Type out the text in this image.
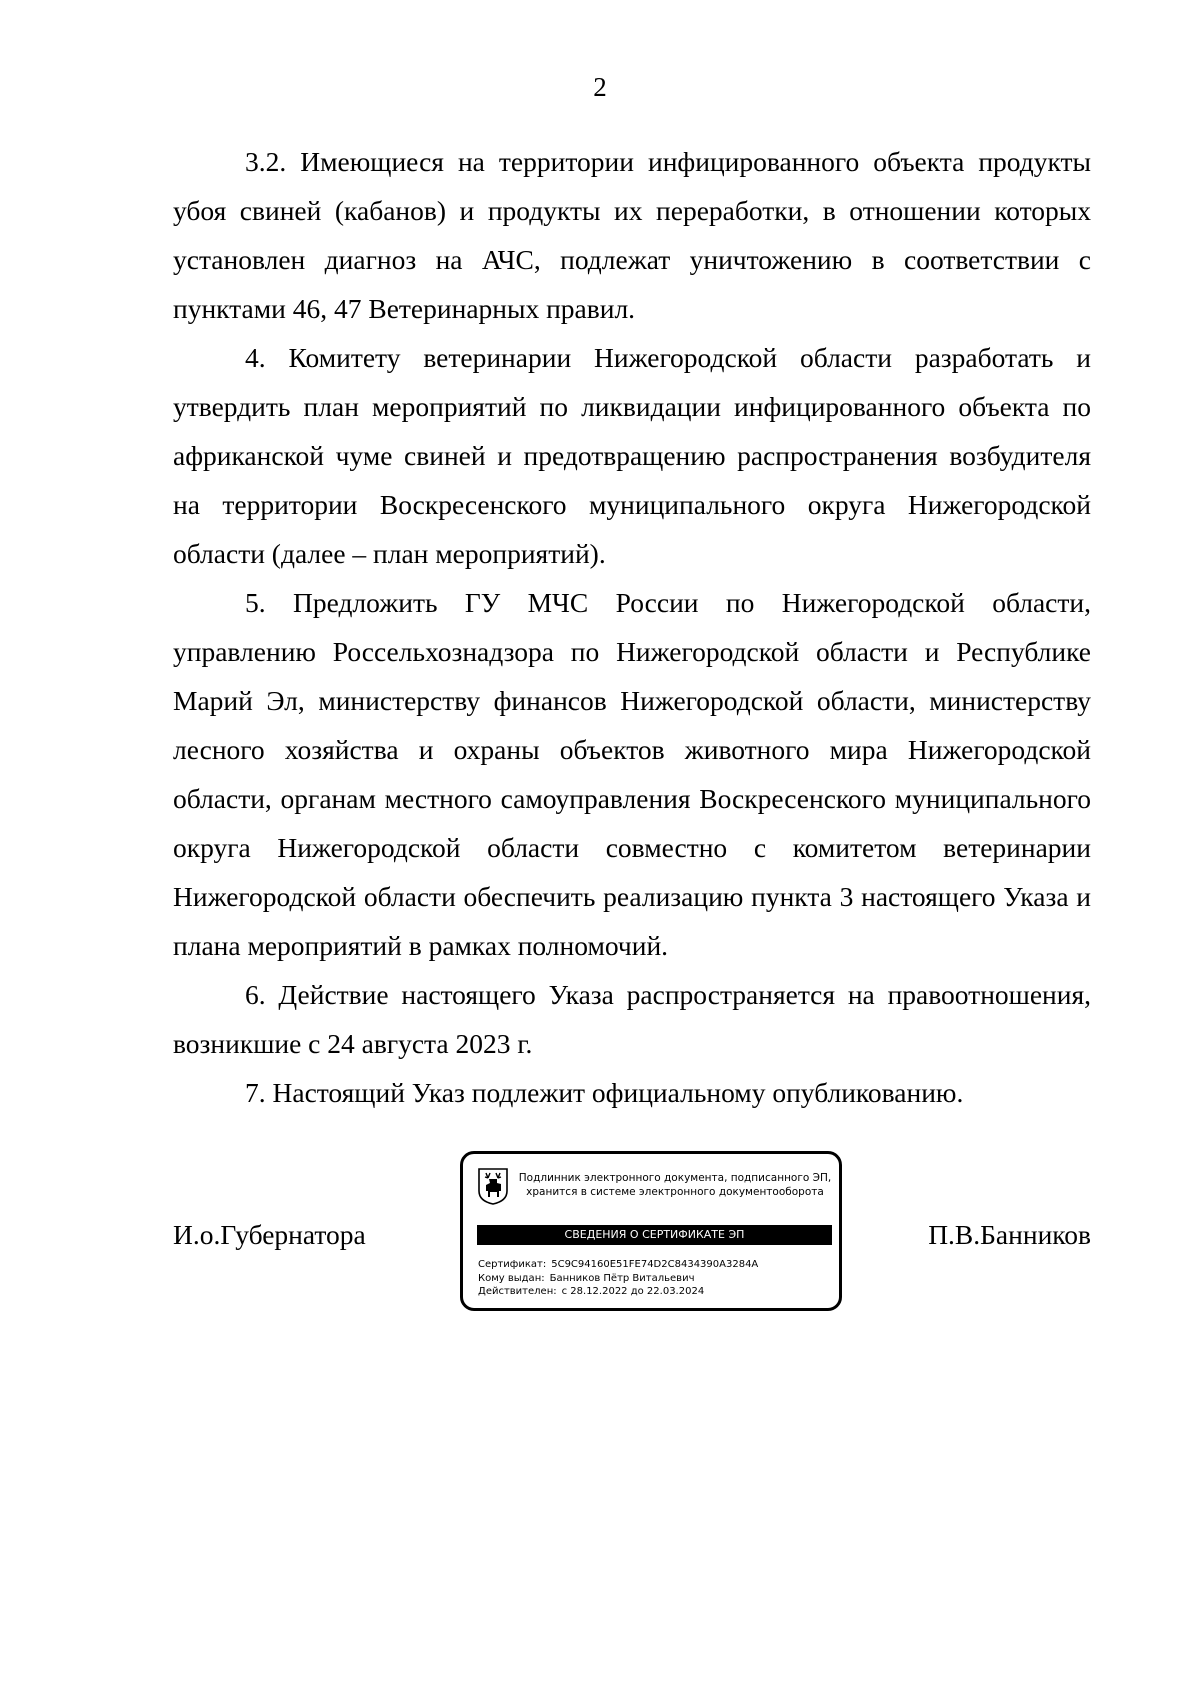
2

3.2. Имеющиеся на территории инфицированного объекта продукты убоя свиней (кабанов) и продукты их переработки, в отношении которых установлен диагноз на АЧС, подлежат уничтожению в соответствии с пунктами 46, 47 Ветеринарных правил.

4. Комитету ветеринарии Нижегородской области разработать и утвердить план мероприятий по ликвидации инфицированного объекта по африканской чуме свиней и предотвращению распространения возбудителя на территории Воскресенского муниципального округа Нижегородской области (далее – план мероприятий).

5. Предложить ГУ МЧС России по Нижегородской области, управлению Россельхознадзора по Нижегородской области и Республике Марий Эл, министерству финансов Нижегородской области, министерству лесного хозяйства и охраны объектов животного мира Нижегородской области, органам местного самоуправления Воскресенского муниципального округа Нижегородской области совместно с комитетом ветеринарии Нижегородской области обеспечить реализацию пункта 3 настоящего Указа и плана мероприятий в рамках полномочий.

6. Действие настоящего Указа распространяется на правоотношения, возникшие с 24 августа 2023 г.

7. Настоящий Указ подлежит официальному опубликованию.

И.о.Губернатора
Подлинник электронного документа, подписанного ЭП,
хранится в системе электронного документооборота
СВЕДЕНИЯ О СЕРТИФИКАТЕ ЭП
Сертификат: 5C9C94160E51FE74D2C8434390A3284A
Кому выдан: Банников Пётр Витальевич
Действителен: с 28.12.2022 до 22.03.2024
П.В.Банников
